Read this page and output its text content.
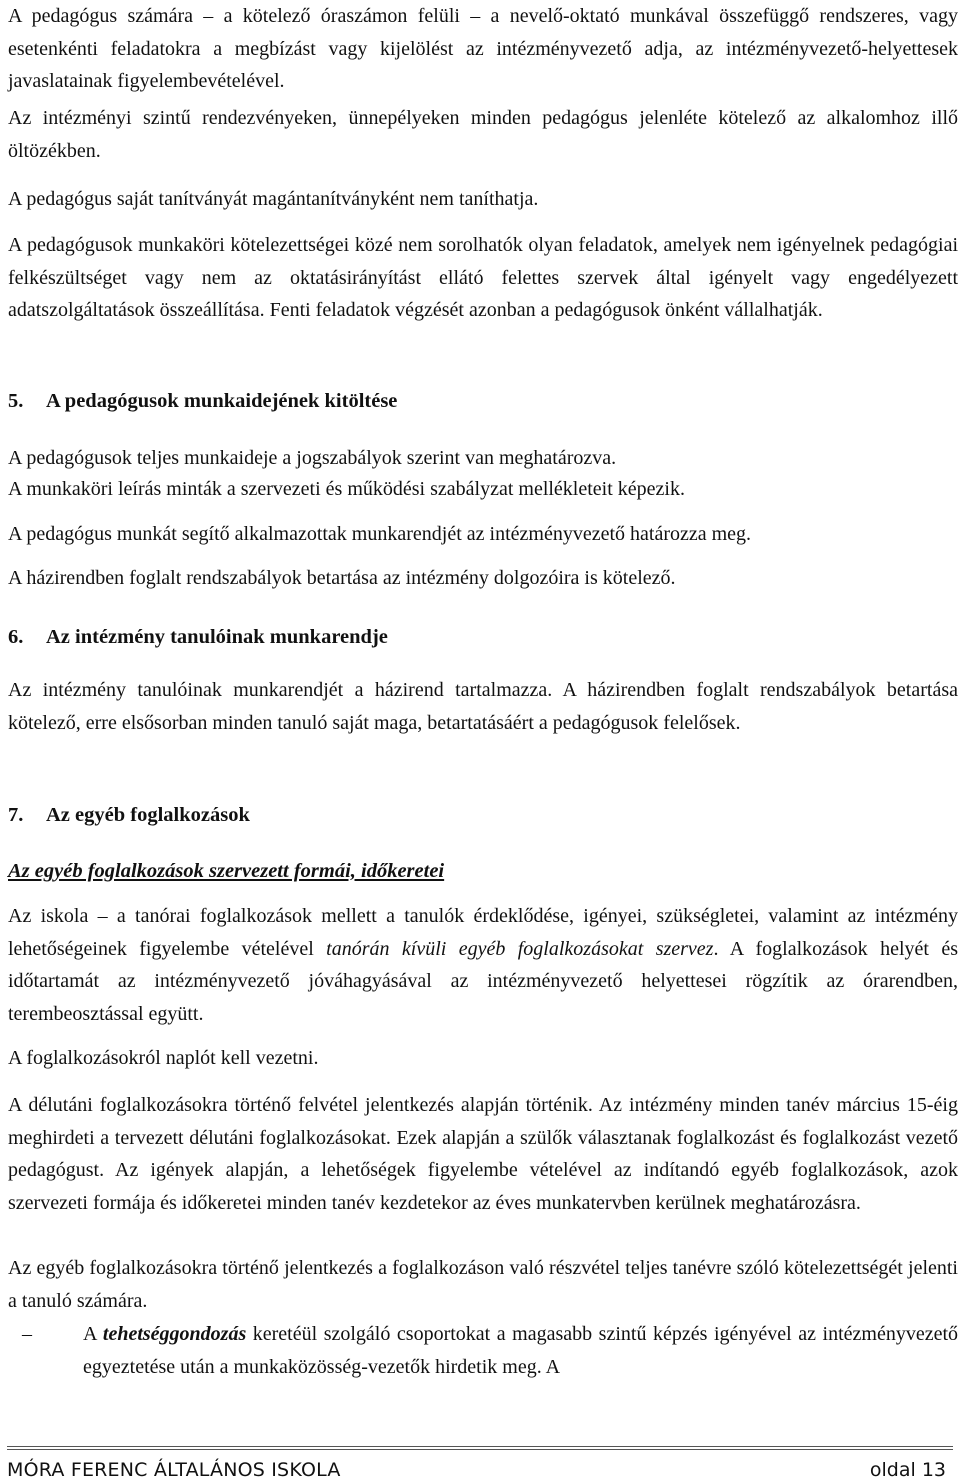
A pedagógus számára – a kötelező óraszámon felüli – a nevelő-oktató munkával összefüggő rendszeres, vagy esetenkénti feladatokra a megbízást vagy kijelölést az intézményvezető adja, az intézményvezető-helyettesek javaslatainak figyelembevételével.

Az intézményi szintű rendezvényeken, ünnepélyeken minden pedagógus jelenléte kötelező az alkalomhoz illő öltözékben.

A pedagógus saját tanítványát magántanítványként nem taníthatja.

A pedagógusok munkaköri kötelezettségei közé nem sorolhatók olyan feladatok, amelyek nem igényelnek pedagógiai felkészültséget vagy nem az oktatásirányítást ellátó felettes szervek által igényelt vagy engedélyezett adatszolgáltatások összeállítása. Fenti feladatok végzését azonban a pedagógusok önként vállalhatják.

5. A pedagógusok munkaidejének kitöltése

A pedagógusok teljes munkaideje a jogszabályok szerint van meghatározva.

A munkaköri leírás minták a szervezeti és működési szabályzat mellékleteit képezik.

A pedagógus munkát segítő alkalmazottak munkarendjét az intézményvezető határozza meg.

A házirendben foglalt rendszabályok betartása az intézmény dolgozóira is kötelező.

6. Az intézmény tanulóinak munkarendje

Az intézmény tanulóinak munkarendjét a házirend tartalmazza. A házirendben foglalt rendszabályok betartása kötelező, erre elsősorban minden tanuló saját maga, betartatásáért a pedagógusok felelősek.

7. Az egyéb foglalkozások
Az egyéb foglalkozások szervezett formái, időkeretei

Az iskola – a tanórai foglalkozások mellett a tanulók érdeklődése, igényei, szükségletei, valamint az intézmény lehetőségeinek figyelembe vételével tanórán kívüli egyéb foglalkozásokat szervez. A foglalkozások helyét és időtartamát az intézményvezető jóváhagyásával az intézményvezető helyettesei rögzítik az órarendben, terembeosztással együtt.

A foglalkozásokról naplót kell vezetni.

A délutáni foglalkozásokra történő felvétel jelentkezés alapján történik. Az intézmény minden tanév március 15-éig meghirdeti a tervezett délutáni foglalkozásokat. Ezek alapján a szülők választanak foglalkozást és foglalkozást vezető pedagógust. Az igények alapján, a lehetőségek figyelembe vételével az indítandó egyéb foglalkozások, azok szervezeti formája és időkeretei minden tanév kezdetekor az éves munkatervben kerülnek meghatározásra.

Az egyéb foglalkozásokra történő jelentkezés a foglalkozáson való részvétel teljes tanévre szóló kötelezettségét jelenti a tanuló számára.

–	A tehetséggondozás keretéül szolgáló csoportokat a magasabb szintű képzés igényével az intézményvezető egyeztetése után a munkaközösség-vezetők hirdetik meg. A
MÓRA FERENC ÁLTALÁNOS ISKOLA	oldal 13
